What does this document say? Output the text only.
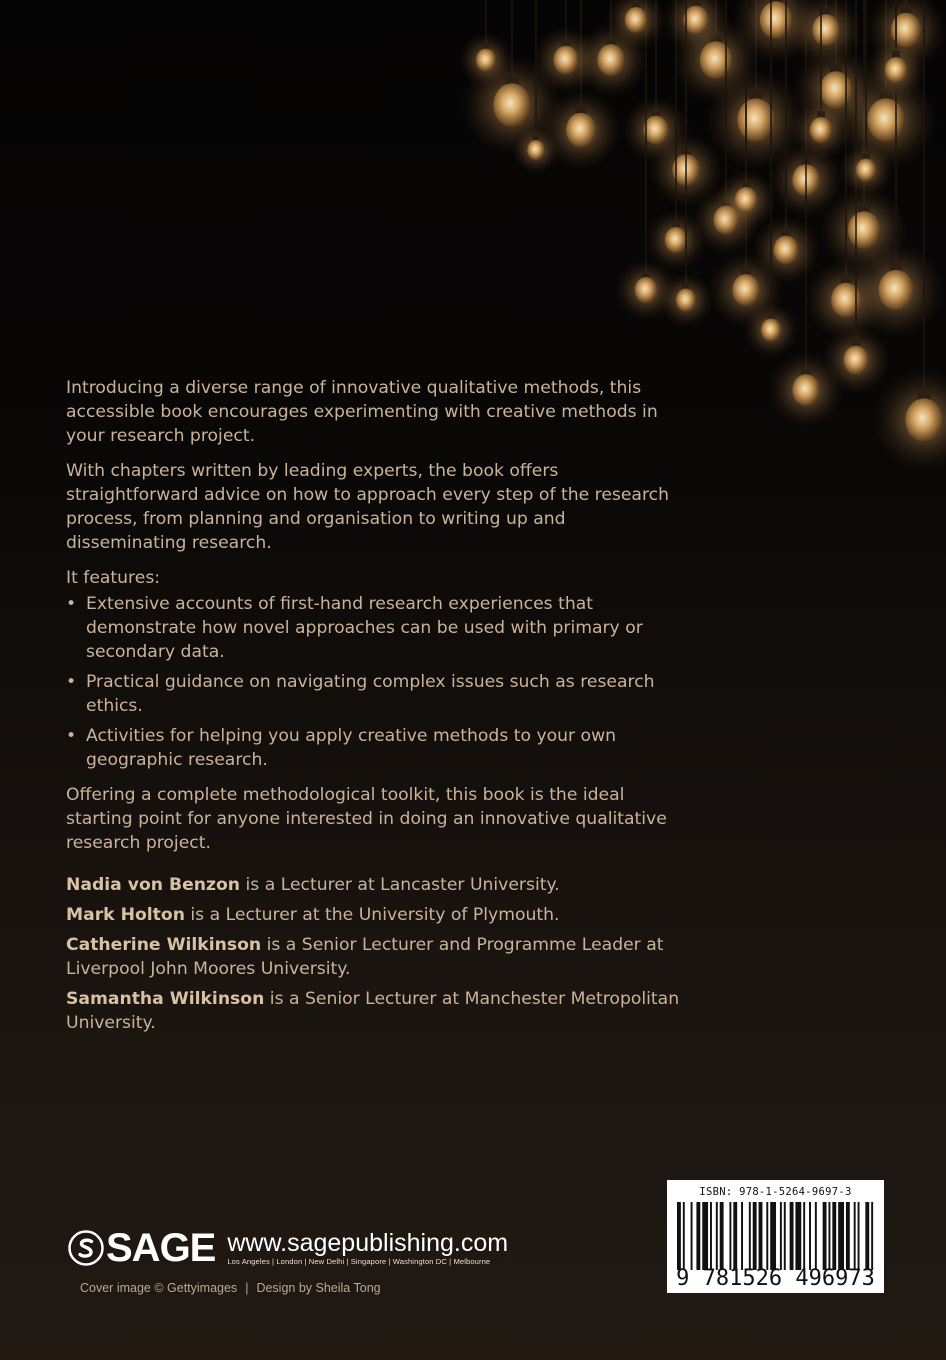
Introducing a diverse range of innovative qualitative methods, this accessible book encourages experimenting with creative methods in your research project.

With chapters written by leading experts, the book offers straightforward advice on how to approach every step of the research process, from planning and organisation to writing up and disseminating research.

It features:

• Extensive accounts of first-hand research experiences that demonstrate how novel approaches can be used with primary or secondary data.
• Practical guidance on navigating complex issues such as research ethics.
• Activities for helping you apply creative methods to your own geographic research.

Offering a complete methodological toolkit, this book is the ideal starting point for anyone interested in doing an innovative qualitative research project.

Nadia von Benzon is a Lecturer at Lancaster University.

Mark Holton is a Lecturer at the University of Plymouth.

Catherine Wilkinson is a Senior Lecturer and Programme Leader at Liverpool John Moores University.

Samantha Wilkinson is a Senior Lecturer at Manchester Metropolitan University.

SAGE www.sagepublishing.com
Los Angeles | London | New Delhi | Singapore | Washington DC | Melbourne
Cover image © Gettyimages | Design by Sheila Tong
ISBN: 978-1-5264-9697-3
9 781526 496973
